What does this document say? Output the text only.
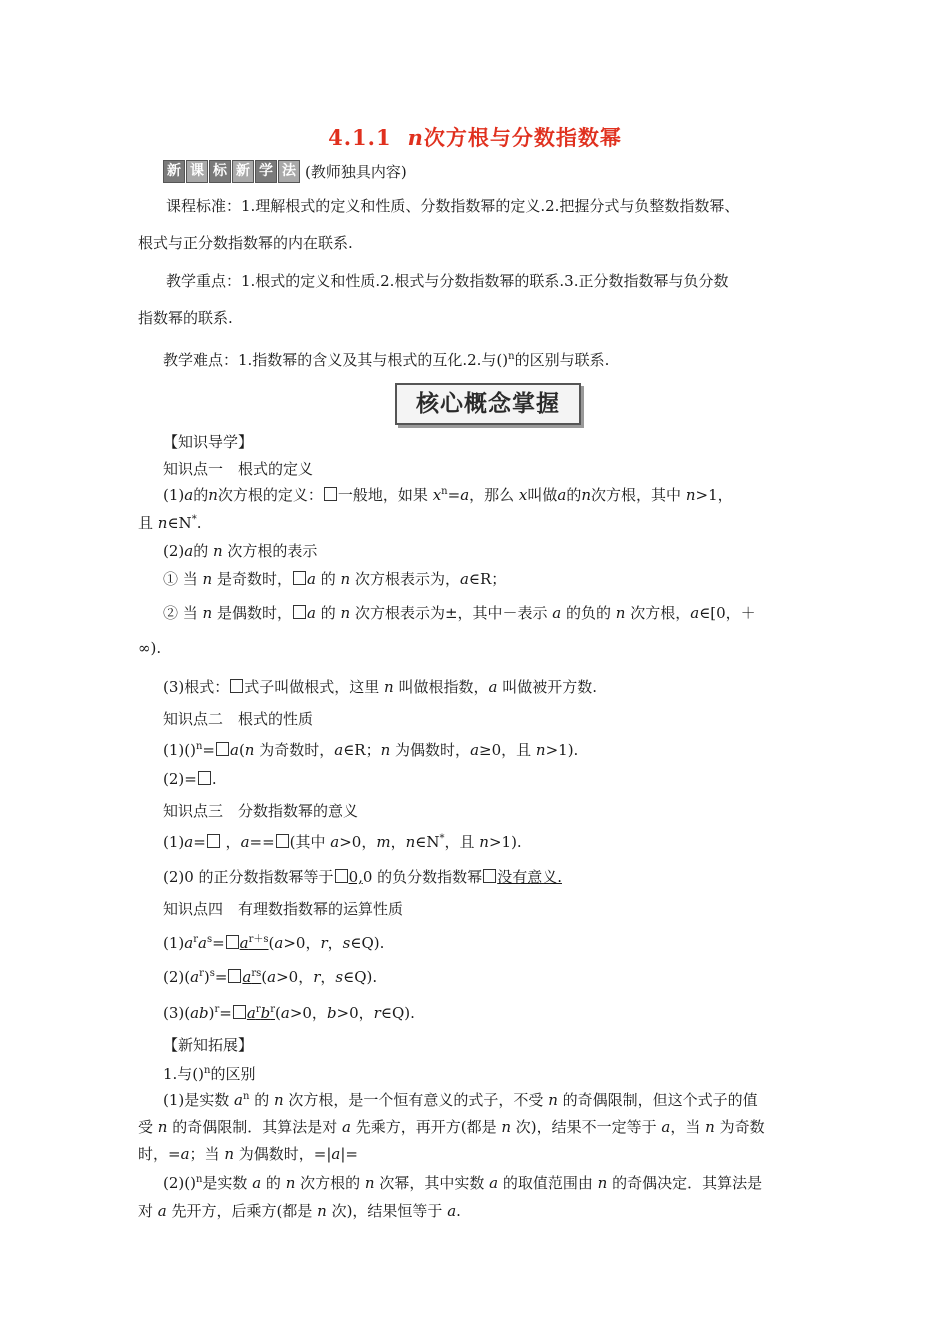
4.1.1 n次方根与分数指数幂
新 课 标 新 学 法 (教师独具内容)
课程标准：1.理解根式的定义和性质、分数指数幂的定义.2.把握分式与负整数指数幂、
根式与正分数指数幂的内在联系.
教学重点：1.根式的定义和性质.2.根式与分数指数幂的联系.3.正分数指数幂与负分数
指数幂的联系.
教学难点：1.指数幂的含义及其与根式的互化.2.与()$^n$的区别与联系.
核心概念掌握
【知识导学】
知识点一　根式的定义
(1)a的n次方根的定义： 一般地，如果 $x^n=a$，那么 x叫做a的n次方根，其中 n>1，
且 n∈N*.
(2)a的 n 次方根的表示
① 当 n 是奇数时， a 的 n 次方根表示为，a∈R；
② 当 n 是偶数时， a 的 n 次方根表示为±，其中－表示 a 的负的 n 次方根，a∈[0，＋
∞).
(3)根式： 式子叫做根式，这里 n 叫做根指数，a 叫做被开方数.
知识点二　根式的性质
(1)()$^n$= a(n 为奇数时，a∈R；n 为偶数时，a≥0，且 n>1).
(2)= .
知识点三　分数指数幂的意义
(1)a= ，a== (其中 a>0，m，n∈N*，且 n>1).
(2)0 的正分数指数幂等于 0,0 的负分数指数幂 没有意义.
知识点四　有理数指数幂的运算性质
$(1)a^ra^s= a^{r+s}(a>0$，r，s∈Q).
$(2)(a^r)^s= a^{rs}(a>0$，r，s∈Q).
$(3)(ab)^r= a^rb^r(a>0$，b>0，r∈Q).
【新知拓展】
1.与()$^n$的区别
(1)是实数 $a^n$ 的 n 次方根，是一个恒有意义的式子，不受 n 的奇偶限制，但这个式子的值
受 n 的奇偶限制．其算法是对 a 先乘方，再开方(都是 n 次)，结果不一定等于 a，当 n 为奇数
时，=a；当 n 为偶数时，=|a|=
(2)()$^n$是实数 a 的 n 次方根的 n 次幂，其中实数 a 的取值范围由 n 的奇偶决定．其算法是
对 a 先开方，后乘方(都是 n 次)，结果恒等于 a.
